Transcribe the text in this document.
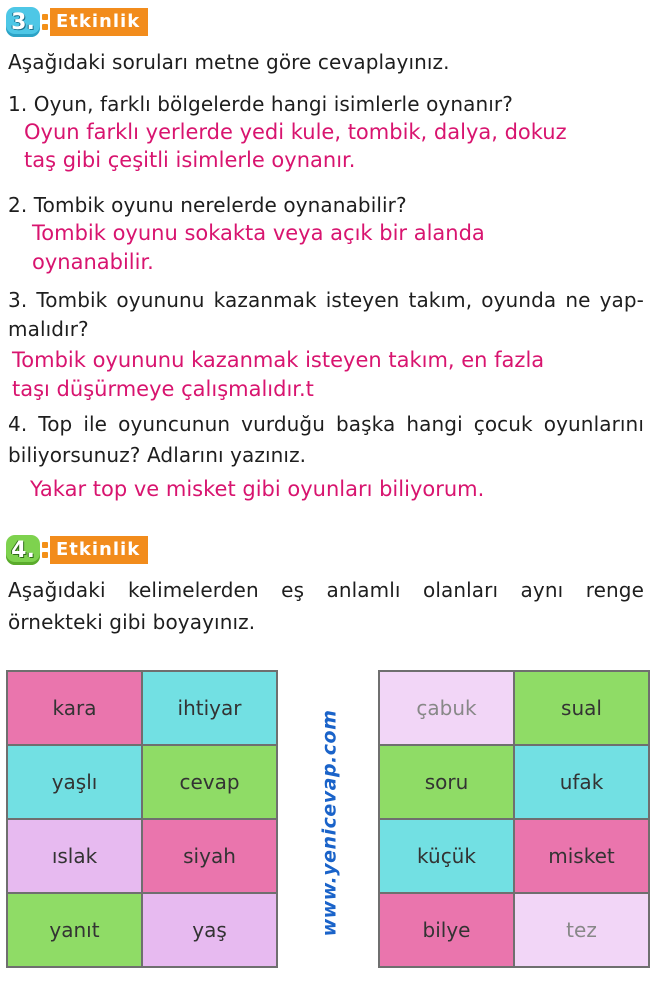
3.	Etkinlik
Aşağıdaki soruları metne göre cevaplayınız.
1. Oyun, farklı bölgelerde hangi isimlerle oynanır?
Oyun farklı yerlerde yedi kule, tombik, dalya, dokuz
taş gibi çeşitli isimlerle oynanır.
2. Tombik oyunu nerelerde oynanabilir?
Tombik oyunu sokakta veya açık bir alanda
oynanabilir.
3. Tombik oyununu kazanmak isteyen takım, oyunda ne yap-
malıdır?
Tombik oyununu kazanmak isteyen takım, en fazla
taşı düşürmeye çalışmalıdır.t
4. Top ile oyuncunun vurduğu başka hangi çocuk oyunlarını
biliyorsunuz? Adlarını yazınız.
Yakar top ve misket gibi oyunları biliyorum.
4.	Etkinlik
Aşağıdaki kelimelerden eş anlamlı olanları aynı renge
örnekteki gibi boyayınız.
kara	ihtiyar
yaşlı	cevap
ıslak	siyah
yanıt	yaş	www.yenicevap.com
çabuk	sual
soru	ufak
küçük	misket
bilye	tez
